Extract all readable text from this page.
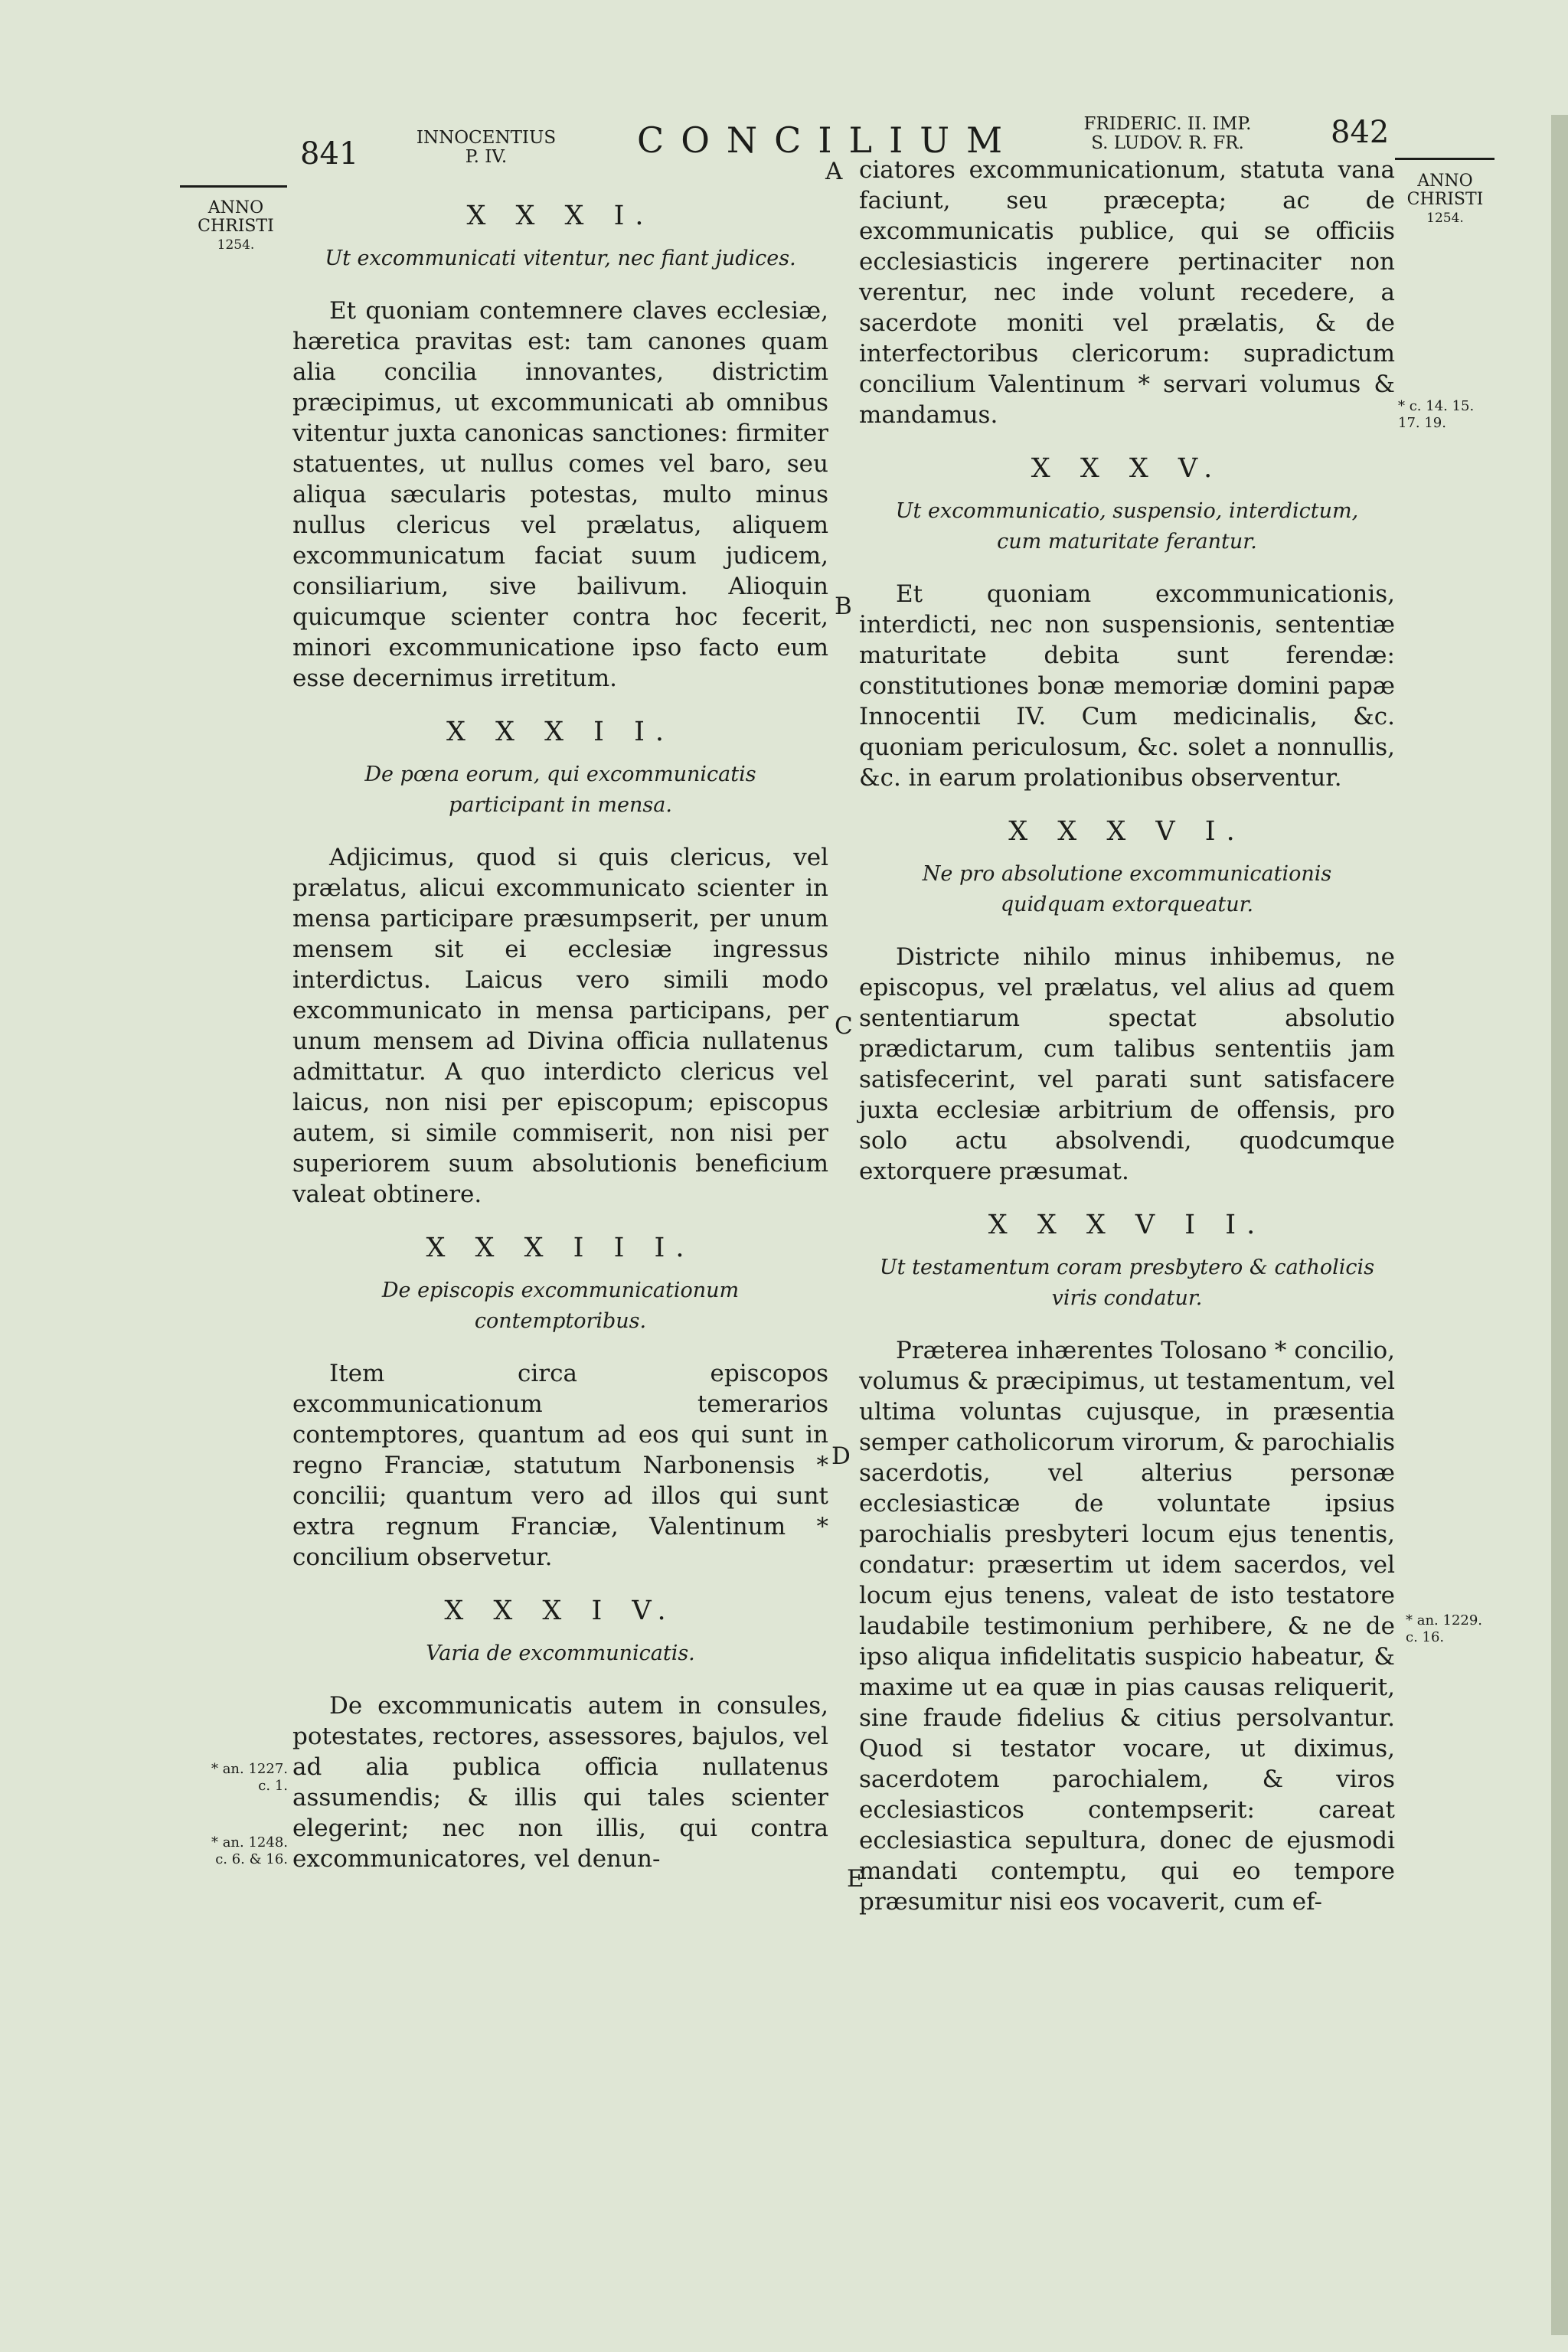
841	INNOCENTIUS
P. IV.	CONCILIUM	FRIDERIC. II. IMP.
S. LUDOV. R. FR.	842
ANNO
CHRISTI
1254.
ANNO
CHRISTI
1254.
X X X I.
Ut excommunicati vitentur, nec fiant judices.

Et quoniam contemnere claves ecclesiæ, hæretica pravitas est: tam canones quam alia concilia innovantes, districtim præcipimus, ut excommunicati ab omnibus vitentur juxta canonicas sanctiones: firmiter statuentes, ut nullus comes vel baro, seu aliqua sæcularis potestas, multo minus nullus clericus vel prælatus, aliquem excommunicatum faciat suum judicem, consiliarium, sive bailivum. Alioquin quicumque scienter contra hoc fecerit, minori excommunicatione ipso facto eum esse decernimus irretitum.

X X X I I.
De pœna eorum, qui excommunicatis participant in mensa.

Adjicimus, quod si quis clericus, vel prælatus, alicui excommunicato scienter in mensa participare præsumpserit, per unum mensem sit ei ecclesiæ ingressus interdictus. Laicus vero simili modo excommunicato in mensa participans, per unum mensem ad Divina officia nullatenus admittatur. A quo interdicto clericus vel laicus, non nisi per episcopum; episcopus autem, si simile commiserit, non nisi per superiorem suum absolutionis beneficium valeat obtinere.

X X X I I I.
De episcopis excommunicationum contemptoribus.

Item circa episcopos excommunicationum temerarios contemptores, quantum ad eos qui sunt in regno Franciæ, statutum Narbonensis * concilii; quantum vero ad illos qui sunt extra regnum Franciæ, Valentinum * concilium observetur.

X X X I V.
Varia de excommunicatis.

De excommunicatis autem in consules, potestates, rectores, assessores, bajulos, vel ad alia publica officia nullatenus assumendis; & illis qui tales scienter elegerint; nec non illis, qui contra excommunicatores, vel denun-

ciatores excommunicationum, statuta vana faciunt, seu præcepta; ac de excommunicatis publice, qui se officiis ecclesiasticis ingerere pertinaciter non verentur, nec inde volunt recedere, a sacerdote moniti vel prælatis, & de interfectoribus clericorum: supradictum concilium Valentinum * servari volumus & mandamus.

X X X V.
Ut excommunicatio, suspensio, interdictum, cum maturitate ferantur.

Et quoniam excommunicationis, interdicti, nec non suspensionis, sententiæ maturitate debita sunt ferendæ: constitutiones bonæ memoriæ domini papæ Innocentii IV. Cum medicinalis, &c. quoniam periculosum, &c. solet a nonnullis, &c. in earum prolationibus observentur.

X X X V I.
Ne pro absolutione excommunicationis quidquam extorqueatur.

Districte nihilo minus inhibemus, ne episcopus, vel prælatus, vel alius ad quem sententiarum spectat absolutio prædictarum, cum talibus sententiis jam satisfecerint, vel parati sunt satisfacere juxta ecclesiæ arbitrium de offensis, pro solo actu absolvendi, quodcumque extorquere præsumat.

X X X V I I.
Ut testamentum coram presbytero & catholicis viris condatur.

Præterea inhærentes Tolosano * concilio, volumus & præcipimus, ut testamentum, vel ultima voluntas cujusque, in præsentia semper catholicorum virorum, & parochialis sacerdotis, vel alterius personæ ecclesiasticæ de voluntate ipsius parochialis presbyteri locum ejus tenentis, condatur: præsertim ut idem sacerdos, vel locum ejus tenens, valeat de isto testatore laudabile testimonium perhibere, & ne de ipso aliqua infidelitatis suspicio habeatur, & maxime ut ea quæ in pias causas reliquerit, sine fraude fidelius & citius persolvantur. Quod si testator vocare, ut diximus, sacerdotem parochialem, & viros ecclesiasticos contempserit: careat ecclesiastica sepultura, donec de ejusmodi mandati contemptu, qui eo tempore præsumitur nisi eos vocaverit, cum ef-

A
B
C
D
E
* an. 1227.
c. 1.
* an. 1248.
c. 6. & 16.
* c. 14. 15.
17. 19.
* an. 1229.
c. 16.
